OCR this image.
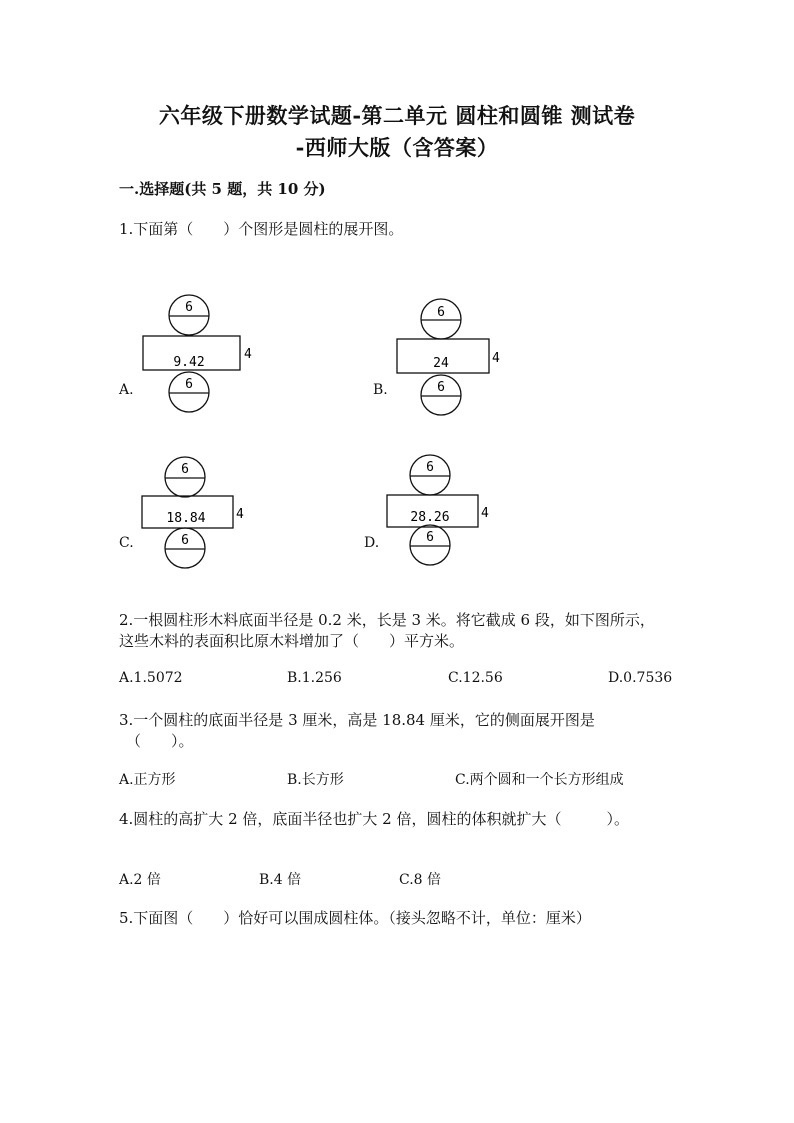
六年级下册数学试题-第二单元 圆柱和圆锥 测试卷
-西师大版（含答案）
一.选择题(共 5 题，共 10 分)
1.下面第（　　）个图形是圆柱的展开图。
6
9.42
4
6
6
24	4
6
6
18.84 4
6
6
28.26 4
6
A.	B.
C.	D.
2.一根圆柱形木料底面半径是 0.2 米，长是 3 米。将它截成 6 段，如下图所示，
这些木料的表面积比原木料增加了（　　）平方米。
A.1.5072	B.1.256	C.12.56	D.0.7536
3.一个圆柱的底面半径是 3 厘米，高是 18.84 厘米，它的侧面展开图是
（　　）。
A.正方形	B.长方形	C.两个圆和一个长方形组成
4.圆柱的高扩大 2 倍，底面半径也扩大 2 倍，圆柱的体积就扩大（　　　）。
A.2 倍	B.4 倍	C.8 倍
5.下面图（　　）恰好可以围成圆柱体。（接头忽略不计，单位：厘米）
